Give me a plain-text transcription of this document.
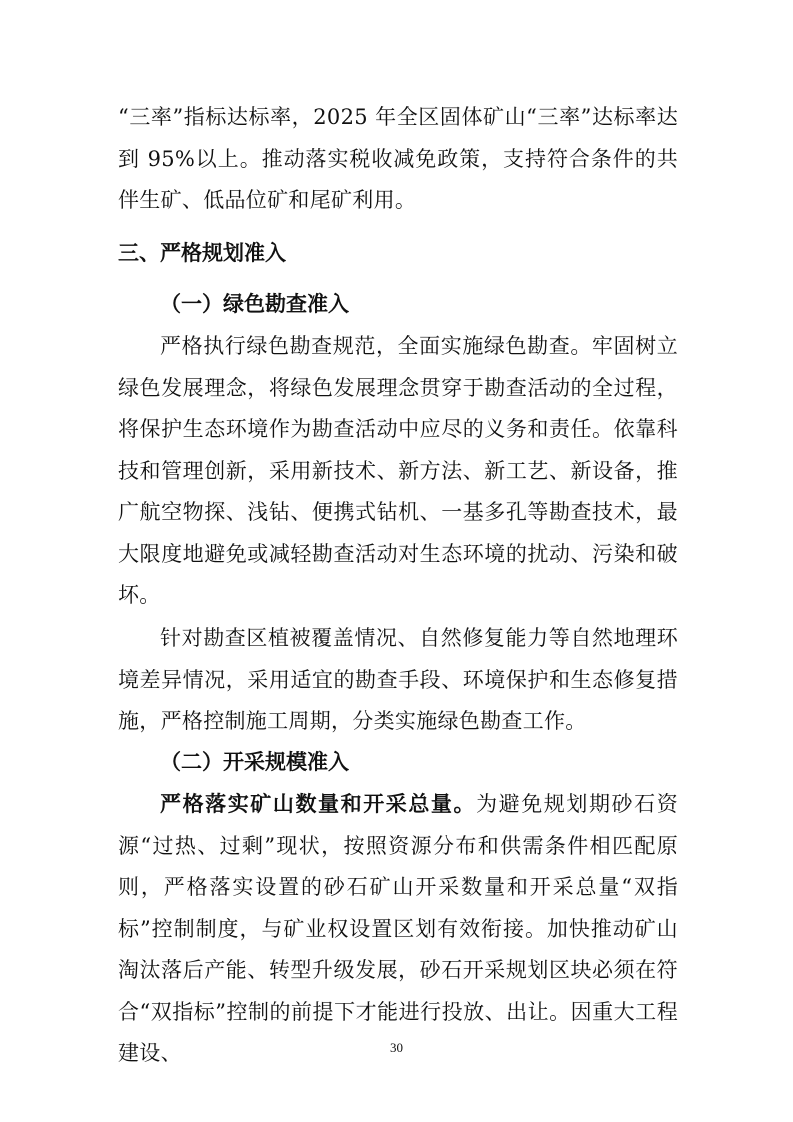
“三率”指标达标率，2025 年全区固体矿山“三率”达标率达到 95%以上。推动落实税收减免政策，支持符合条件的共伴生矿、低品位矿和尾矿利用。

三、严格规划准入
（一）绿色勘查准入

严格执行绿色勘查规范，全面实施绿色勘查。牢固树立绿色发展理念，将绿色发展理念贯穿于勘查活动的全过程，将保护生态环境作为勘查活动中应尽的义务和责任。依靠科技和管理创新，采用新技术、新方法、新工艺、新设备，推广航空物探、浅钻、便携式钻机、一基多孔等勘查技术，最大限度地避免或减轻勘查活动对生态环境的扰动、污染和破坏。

针对勘查区植被覆盖情况、自然修复能力等自然地理环境差异情况，采用适宜的勘查手段、环境保护和生态修复措施，严格控制施工周期，分类实施绿色勘查工作。

（二）开采规模准入

严格落实矿山数量和开采总量。为避免规划期砂石资源“过热、过剩”现状，按照资源分布和供需条件相匹配原则，严格落实设置的砂石矿山开采数量和开采总量“双指标”控制制度，与矿业权设置区划有效衔接。加快推动矿山淘汰落后产能、转型升级发展，砂石开采规划区块必须在符合“双指标”控制的前提下才能进行投放、出让。因重大工程建设、	30
